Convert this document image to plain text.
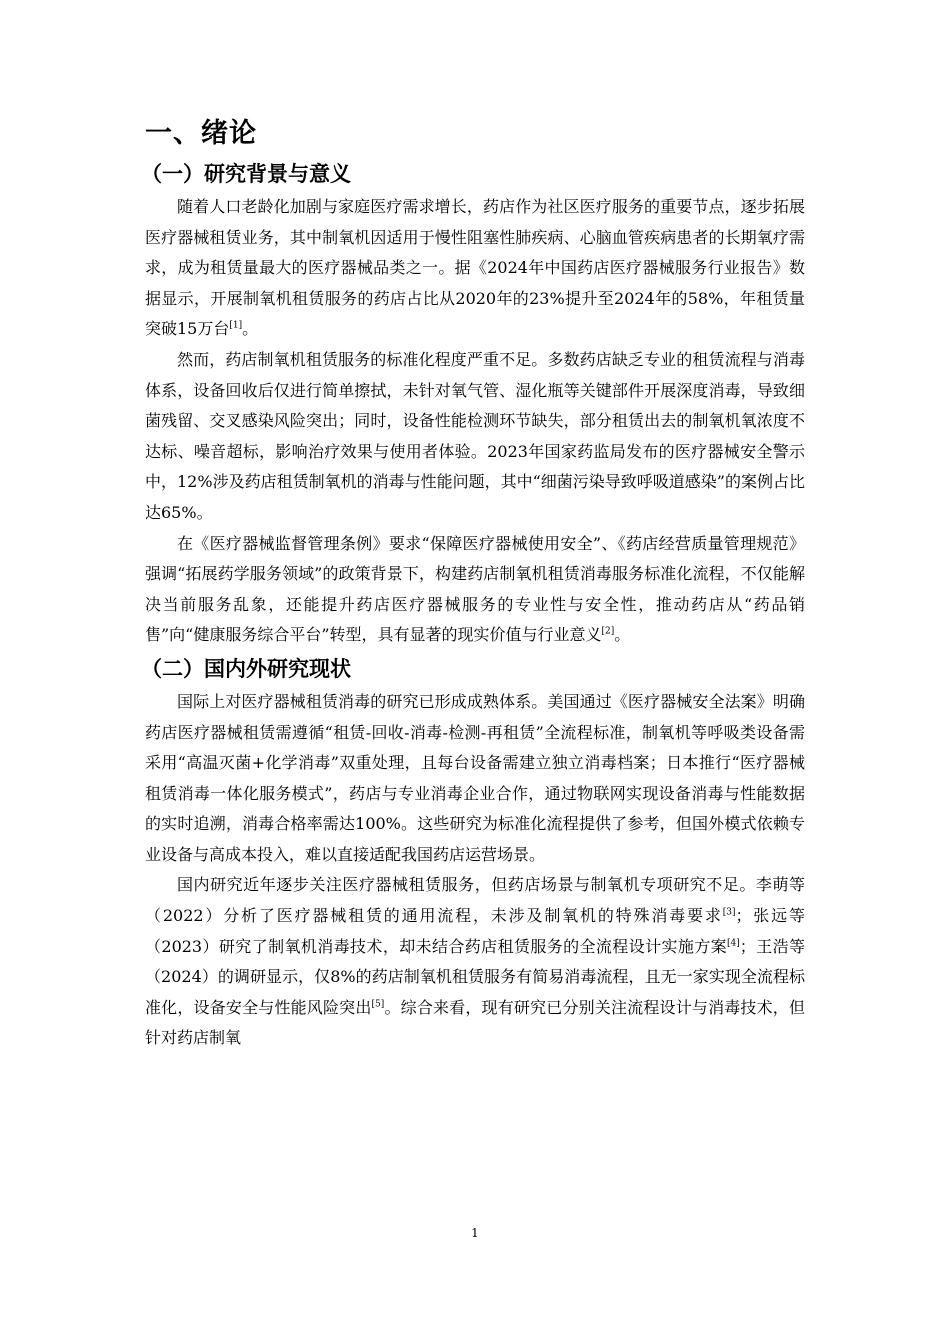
一、绪论
（一）研究背景与意义

随着人口老龄化加剧与家庭医疗需求增长，药店作为社区医疗服务的重要节点，逐步拓展医疗器械租赁业务，其中制氧机因适用于慢性阻塞性肺疾病、心脑血管疾病患者的长期氧疗需求，成为租赁量最大的医疗器械品类之一。据《2024年中国药店医疗器械服务行业报告》数据显示，开展制氧机租赁服务的药店占比从2020年的23%提升至2024年的58%，年租赁量突破15万台[1]。

然而，药店制氧机租赁服务的标准化程度严重不足。多数药店缺乏专业的租赁流程与消毒体系，设备回收后仅进行简单擦拭，未针对氧气管、湿化瓶等关键部件开展深度消毒，导致细菌残留、交叉感染风险突出；同时，设备性能检测环节缺失，部分租赁出去的制氧机氧浓度不达标、噪音超标，影响治疗效果与使用者体验。2023年国家药监局发布的医疗器械安全警示中，12%涉及药店租赁制氧机的消毒与性能问题，其中“细菌污染导致呼吸道感染”的案例占比达65%。

在《医疗器械监督管理条例》要求“保障医疗器械使用安全”、《药店经营质量管理规范》强调“拓展药学服务领域”的政策背景下，构建药店制氧机租赁消毒服务标准化流程，不仅能解决当前服务乱象，还能提升药店医疗器械服务的专业性与安全性，推动药店从“药品销售”向“健康服务综合平台”转型，具有显著的现实价值与行业意义[2]。

（二）国内外研究现状

国际上对医疗器械租赁消毒的研究已形成成熟体系。美国通过《医疗器械安全法案》明确药店医疗器械租赁需遵循“租赁-回收-消毒-检测-再租赁”全流程标准，制氧机等呼吸类设备需采用“高温灭菌+化学消毒”双重处理，且每台设备需建立独立消毒档案；日本推行“医疗器械租赁消毒一体化服务模式”，药店与专业消毒企业合作，通过物联网实现设备消毒与性能数据的实时追溯，消毒合格率需达100%。这些研究为标准化流程提供了参考，但国外模式依赖专业设备与高成本投入，难以直接适配我国药店运营场景。

国内研究近年逐步关注医疗器械租赁服务，但药店场景与制氧机专项研究不足。李萌等（2022）分析了医疗器械租赁的通用流程，未涉及制氧机的特殊消毒要求[3]；张远等（2023）研究了制氧机消毒技术，却未结合药店租赁服务的全流程设计实施方案[4]；王浩等（2024）的调研显示，仅8%的药店制氧机租赁服务有简易消毒流程，且无一家实现全流程标准化，设备安全与性能风险突出[5]。综合来看，现有研究已分别关注流程设计与消毒技术，但针对药店制氧

1
